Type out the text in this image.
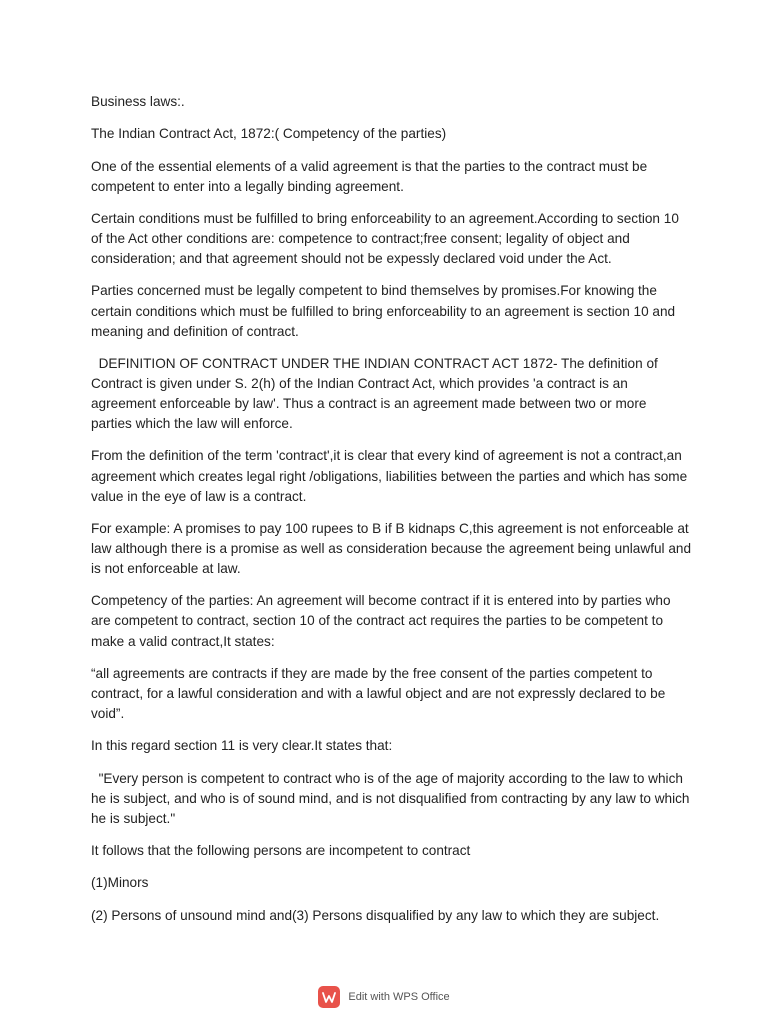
Business laws:.

The Indian Contract Act, 1872:( Competency of the parties)

One of the essential elements of a valid agreement is that the parties to the contract must be competent to enter into a legally binding agreement.

Certain conditions must be fulfilled to bring enforceability to an agreement.According to section 10 of the Act other conditions are: competence to contract;free consent; legality of object and consideration; and that agreement should not be expessly declared void under the Act.

Parties concerned must be legally competent to bind themselves by promises.For knowing the certain conditions which must be fulfilled to bring enforceability to an agreement is section 10 and meaning and definition of contract.

DEFINITION OF CONTRACT UNDER THE INDIAN CONTRACT ACT 1872- The definition of Contract is given under S. 2(h) of the Indian Contract Act, which provides 'a contract is an agreement enforceable by law'. Thus a contract is an agreement made between two or more parties which the law will enforce.

From the definition of the term 'contract',it is clear that every kind of agreement is not a contract,an agreement which creates legal right /obligations, liabilities between the parties and which has some value in the eye of law is a contract.

For example: A promises to pay 100 rupees to B if B kidnaps C,this agreement is not enforceable at law although there is a promise as well as consideration because the agreement being unlawful and is not enforceable at law.

Competency of the parties: An agreement will become contract if it is entered into by parties who are competent to contract, section 10 of the contract act requires the parties to be competent to make a valid contract,It states:

“all agreements are contracts if they are made by the free consent of the parties competent to contract, for a lawful consideration and with a lawful object and are not expressly declared to be void”.

In this regard section 11 is very clear.It states that:

"Every person is competent to contract who is of the age of majority according to the law to which he is subject, and who is of sound mind, and is not disqualified from contracting by any law to which he is subject."

It follows that the following persons are incompetent to contract

(1)Minors

(2) Persons of unsound mind and(3) Persons disqualified by any law to which they are subject.

Edit with WPS Office
